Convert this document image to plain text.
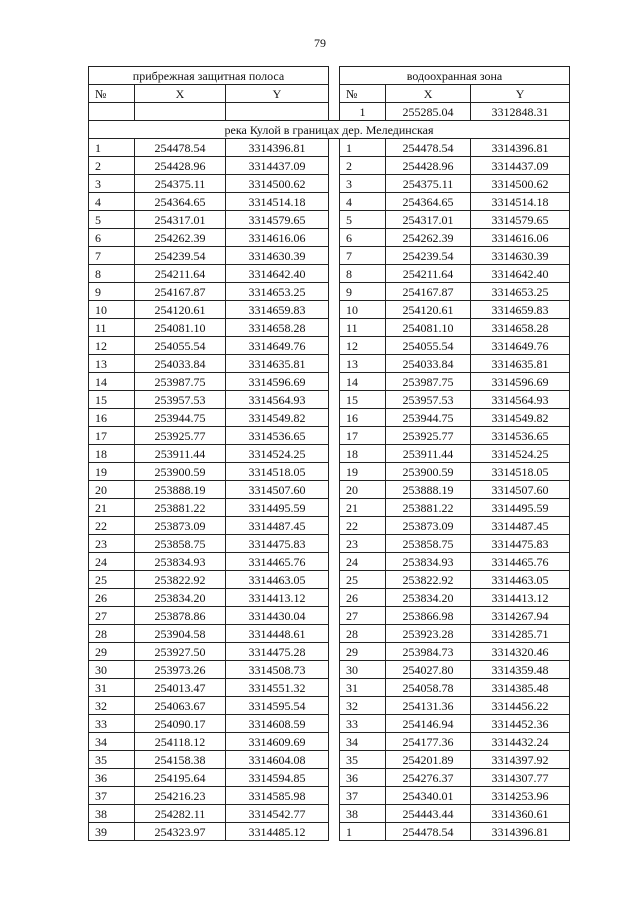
79
прибрежная защитная полоса				водоохранная зона		
№	X	Y		№	X	Y
				1	255285.04	3312848.31
река Кулой в границах дер. Мелединская						
1	254478.54	3314396.81		1	254478.54	3314396.81
2	254428.96	3314437.09		2	254428.96	3314437.09
3	254375.11	3314500.62		3	254375.11	3314500.62
4	254364.65	3314514.18		4	254364.65	3314514.18
5	254317.01	3314579.65		5	254317.01	3314579.65
6	254262.39	3314616.06		6	254262.39	3314616.06
7	254239.54	3314630.39		7	254239.54	3314630.39
8	254211.64	3314642.40		8	254211.64	3314642.40
9	254167.87	3314653.25		9	254167.87	3314653.25
10	254120.61	3314659.83		10	254120.61	3314659.83
11	254081.10	3314658.28		11	254081.10	3314658.28
12	254055.54	3314649.76		12	254055.54	3314649.76
13	254033.84	3314635.81		13	254033.84	3314635.81
14	253987.75	3314596.69		14	253987.75	3314596.69
15	253957.53	3314564.93		15	253957.53	3314564.93
16	253944.75	3314549.82		16	253944.75	3314549.82
17	253925.77	3314536.65		17	253925.77	3314536.65
18	253911.44	3314524.25		18	253911.44	3314524.25
19	253900.59	3314518.05		19	253900.59	3314518.05
20	253888.19	3314507.60		20	253888.19	3314507.60
21	253881.22	3314495.59		21	253881.22	3314495.59
22	253873.09	3314487.45		22	253873.09	3314487.45
23	253858.75	3314475.83		23	253858.75	3314475.83
24	253834.93	3314465.76		24	253834.93	3314465.76
25	253822.92	3314463.05		25	253822.92	3314463.05
26	253834.20	3314413.12		26	253834.20	3314413.12
27	253878.86	3314430.04		27	253866.98	3314267.94
28	253904.58	3314448.61		28	253923.28	3314285.71
29	253927.50	3314475.28		29	253984.73	3314320.46
30	253973.26	3314508.73		30	254027.80	3314359.48
31	254013.47	3314551.32		31	254058.78	3314385.48
32	254063.67	3314595.54		32	254131.36	3314456.22
33	254090.17	3314608.59		33	254146.94	3314452.36
34	254118.12	3314609.69		34	254177.36	3314432.24
35	254158.38	3314604.08		35	254201.89	3314397.92
36	254195.64	3314594.85		36	254276.37	3314307.77
37	254216.23	3314585.98		37	254340.01	3314253.96
38	254282.11	3314542.77		38	254443.44	3314360.61
39	254323.97	3314485.12		1	254478.54	3314396.81
